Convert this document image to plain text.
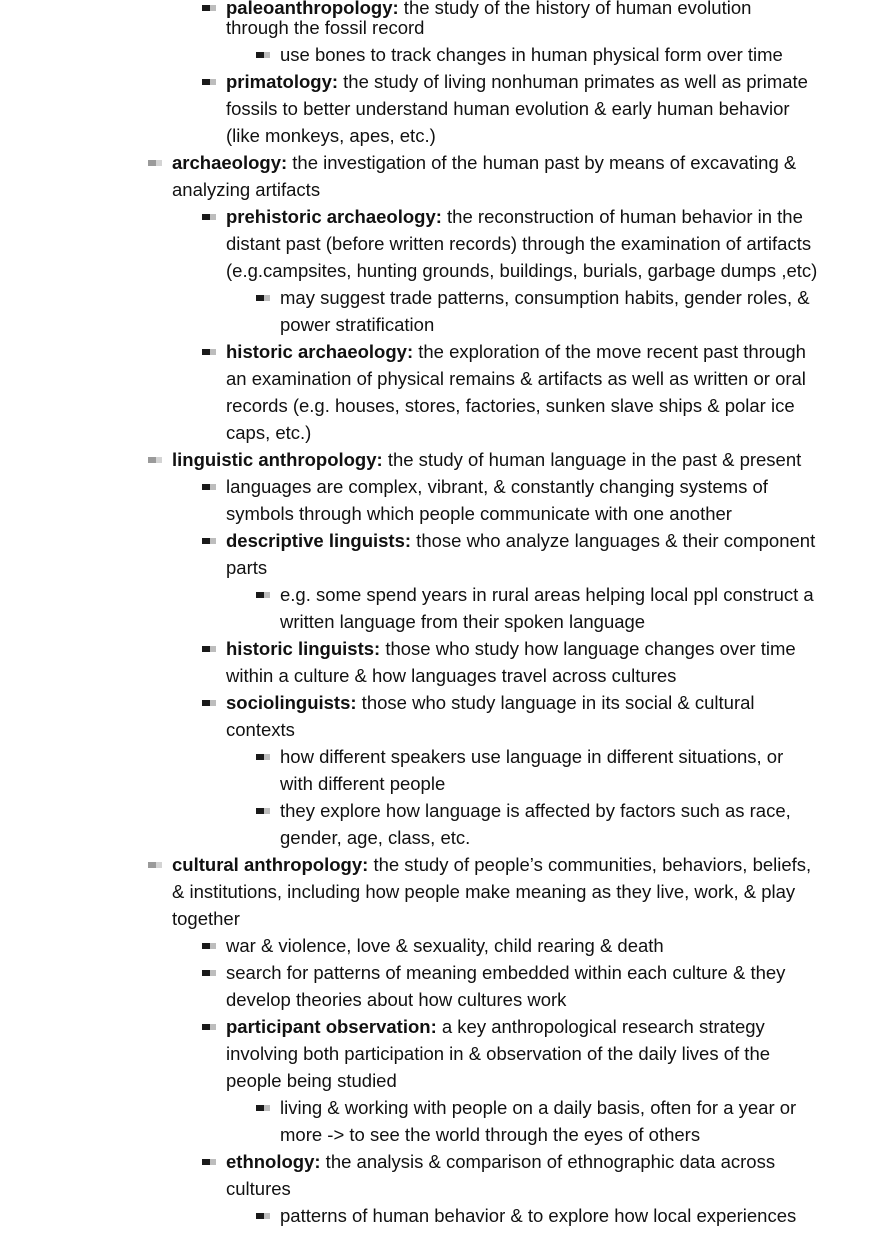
paleoanthropology: the study of the history of human evolution through the fossil record
use bones to track changes in human physical form over time
primatology: the study of living nonhuman primates as well as primate fossils to better understand human evolution & early human behavior (like monkeys, apes, etc.)
archaeology: the investigation of the human past by means of excavating & analyzing artifacts
prehistoric archaeology: the reconstruction of human behavior in the distant past (before written records) through the examination of artifacts (e.g.campsites, hunting grounds, buildings, burials, garbage dumps ,etc)
may suggest trade patterns, consumption habits, gender roles, & power stratification
historic archaeology: the exploration of the move recent past through an examination of physical remains & artifacts as well as written or oral records (e.g. houses, stores, factories, sunken slave ships & polar ice caps, etc.)
linguistic anthropology: the study of human language in the past & present
languages are complex, vibrant, & constantly changing systems of symbols through which people communicate with one another
descriptive linguists: those who analyze languages & their component parts
e.g. some spend years in rural areas helping local ppl construct a written language from their spoken language
historic linguists: those who study how language changes over time within a culture & how languages travel across cultures
sociolinguists: those who study language in its social & cultural contexts
how different speakers use language in different situations, or with different people
they explore how language is affected by factors such as race, gender, age, class, etc.
cultural anthropology: the study of people’s communities, behaviors, beliefs, & institutions, including how people make meaning as they live, work, & play together
war & violence, love & sexuality, child rearing & death
search for patterns of meaning embedded within each culture & they develop theories about how cultures work
participant observation: a key anthropological research strategy involving both participation in & observation of the daily lives of the people being studied
living & working with people on a daily basis, often for a year or more -> to see the world through the eyes of others
ethnology: the analysis & comparison of ethnographic data across cultures
patterns of human behavior & to explore how local experiences
